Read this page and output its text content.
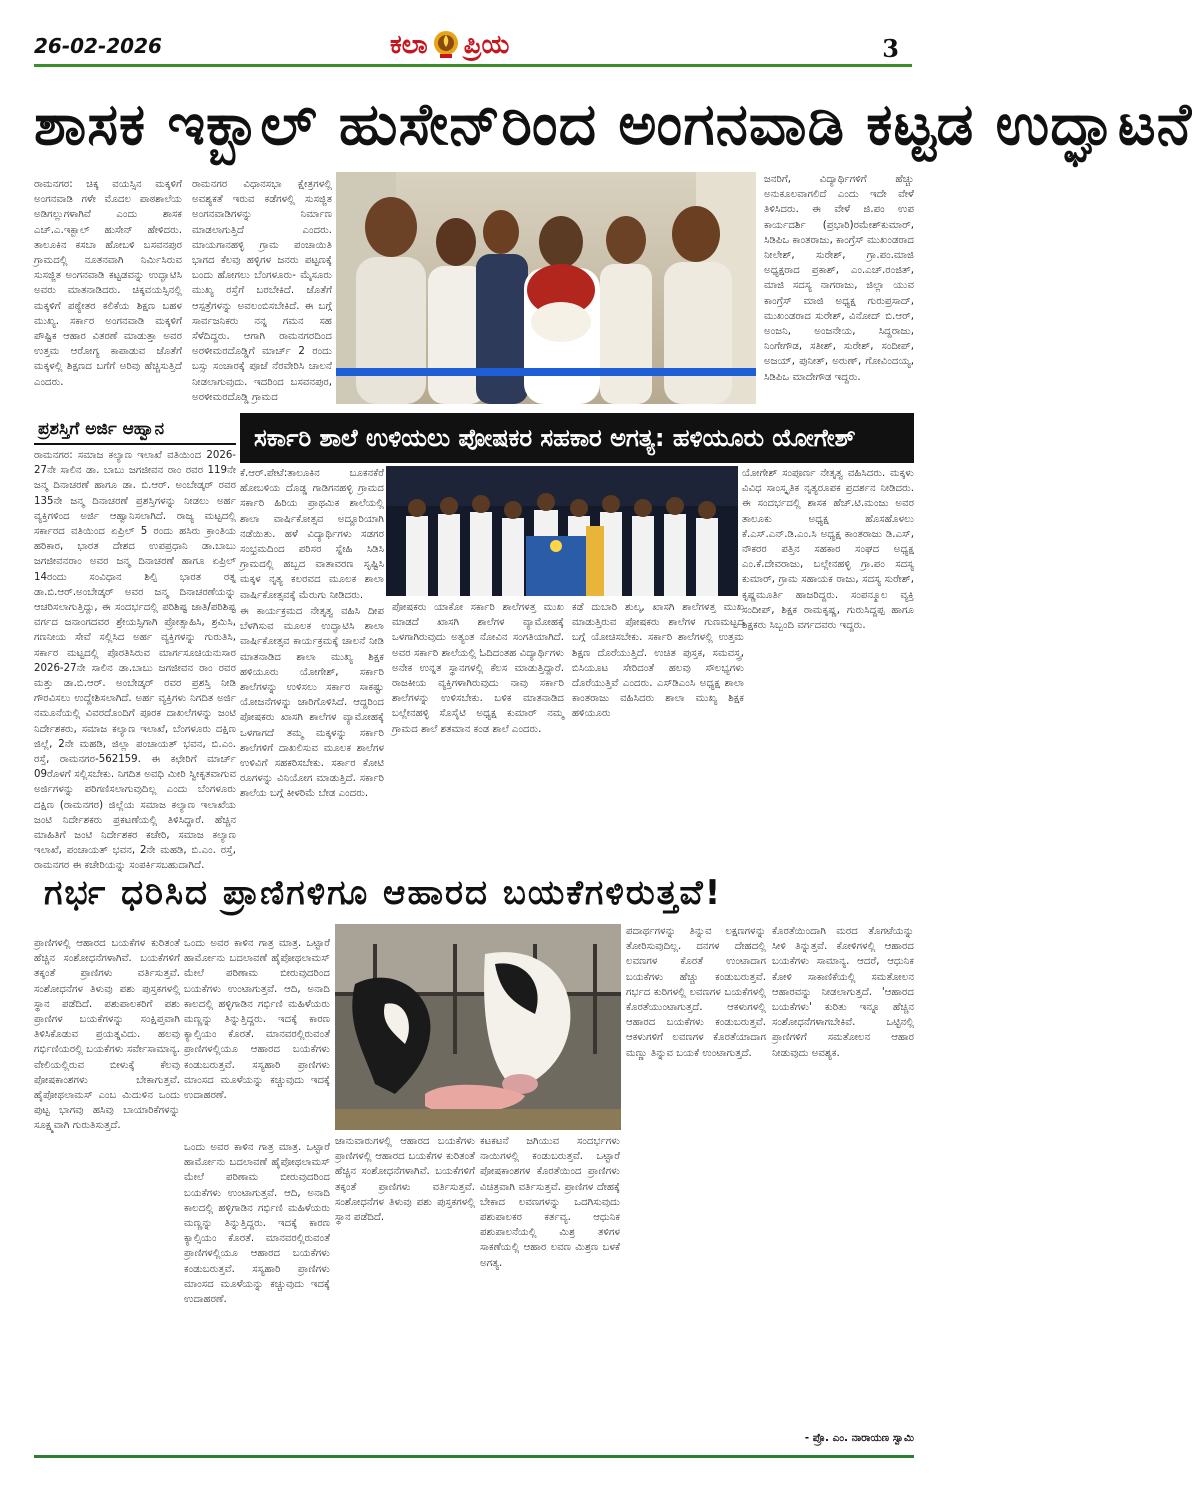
26-02-2026	ಕಲಾ ಪ್ರಿಯ	3
ಶಾಸಕ ಇಕ್ಬಾಲ್ ಹುಸೇನ್‌ರಿಂದ ಅಂಗನವಾಡಿ ಕಟ್ಟಡ ಉದ್ಘಾಟನೆ
ರಾಮನಗರ: ಚಿಕ್ಕ ವಯಸ್ಸಿನ ಮಕ್ಕಳಿಗೆ ಅಂಗನವಾಡಿ ಗಳೇ ಮೊದಲ ಪಾಠಶಾಲೆಯ ಅಡಿಗಲ್ಲುಗಳಾಗಿವೆ ಎಂದು ಶಾಸಕ ಎಚ್.ಎ.ಇಕ್ಬಾಲ್ ಹುಸೇನ್ ಹೇಳಿದರು. ತಾಲೂಕಿನ ಕಸಬಾ ಹೋಬಳಿ ಬಸವನಪುರ ಗ್ರಾಮದಲ್ಲಿ ನೂತನವಾಗಿ ನಿರ್ಮಿಸಿರುವ ಸುಸಜ್ಜಿತ ಅಂಗನವಾಡಿ ಕಟ್ಟಡವನ್ನು ಉದ್ಘಾಟಿಸಿ ಅವರು ಮಾತನಾಡಿದರು. ಚಿಕ್ಕವಯಸ್ಸಿನಲ್ಲಿ ಮಕ್ಕಳಿಗೆ ಪಠ್ಯೇತರ ಕಲಿಕೆಯ ಶಿಕ್ಷಣ ಬಹಳ ಮುಖ್ಯ. ಸರ್ಕಾರ ಅಂಗನವಾಡಿ ಮಕ್ಕಳಿಗೆ ಪೌಷ್ಟಿಕ ಆಹಾರ ವಿತರಣೆ ಮಾಡುತ್ತಾ ಅವರ ಉತ್ತಮ ಆರೋಗ್ಯ ಕಾಪಾಡುವ ಜೊತೆಗೆ ಮಕ್ಕಳಲ್ಲಿ ಶಿಕ್ಷಣದ ಬಗೆಗೆ ಅರಿವು ಹೆಚ್ಚಿಸುತ್ತಿದೆ ಎಂದರು.
ರಾಮನಗರ ವಿಧಾನಸಭಾ ಕ್ಷೇತ್ರಗಳಲ್ಲಿ ಅವಶ್ಯಕತೆ ಇರುವ ಕಡೆಗಳಲ್ಲಿ ಸುಸಜ್ಜಿತ ಅಂಗನವಾಡಿಗಳನ್ನು ನಿರ್ಮಾಣ ಮಾಡಲಾಗುತ್ತಿದೆ ಎಂದರು. ಮಾಯಗಾನಹಳ್ಳಿ ಗ್ರಾಮ ಪಂಚಾಯಿತಿ ಭಾಗದ ಕೆಲವು ಹಳ್ಳಿಗಳ ಜನರು ಪಟ್ಟಣಕ್ಕೆ ಬಂದು ಹೋಗಲು ಬೆಂಗಳೂರು- ಮೈಸೂರು ಮುಖ್ಯ ರಸ್ತೆಗೆ ಬರಬೇಕಿದೆ. ಜೊತೆಗೆ ಆಸ್ಪತ್ರೆಗಳನ್ನು ಅವಲಂಬಿಸಬೇಕಿದೆ. ಈ ಬಗ್ಗೆ ಸಾರ್ವಜನಿಕರು ನನ್ನ ಗಮನ ಸಹ ಸೆಳೆದಿದ್ದರು. ಆಗಾಗಿ ರಾಮನಗರದಿಂದ ಅರಳೀಮರದೊಡ್ಡಿಗೆ ಮಾರ್ಚ್ 2 ರಂದು ಬಸ್ಸು ಸಂಚಾರಕ್ಕೆ ಪೂಜೆ ನೆರವೇರಿಸಿ ಚಾಲನೆ ನೀಡಲಾಗುವುದು. ಇದರಿಂದ ಬಸವನಪುರ, ಅರಳೀಮರದೊಡ್ಡಿ ಗ್ರಾಮದ
ಜನರಿಗೆ, ವಿದ್ಯಾರ್ಥಿಗಳಿಗೆ ಹೆಚ್ಚು ಅನುಕೂಲವಾಗಲಿದೆ ಎಂದು ಇದೇ ವೇಳೆ ತಿಳಿಸಿದರು. ಈ ವೇಳೆ ಜಿ.ಪಂ ಉಪ ಕಾರ್ಯದರ್ಶಿ (ಪ್ರಭಾರಿ)ರಮೇಶ್‌ಕುಮಾರ್, ಸಿಡಿಪಿಒ ಕಾಂತರಾಜು, ಕಾಂಗ್ರೆಸ್ ಮುಖಂಡರಾದ ನೀಲೇಶ್, ಸುರೇಶ್, ಗ್ರಾ.ಪಂ.ಮಾಜಿ ಅಧ್ಯಕ್ಷರಾದ ಪ್ರಕಾಶ್, ಎಂ.ಎಚ್.ರಂಜಿತ್, ಮಾಜಿ ಸದಸ್ಯ ನಾಗರಾಜು, ಜಿಲ್ಲಾ ಯುವ ಕಾಂಗ್ರೆಸ್ ಮಾಜಿ ಅಧ್ಯಕ್ಷ ಗುರುಪ್ರಸಾದ್, ಮುಖಂಡರಾದ ಸುರೇಶ್, ವಿನೋದ್ ಬಿ.ಆರ್, ಅಂಜನಿ, ಅಂಜನೇಯ, ಸಿದ್ದರಾಜು, ನಿಂಗೇಗೌಡ, ಸತೀಶ್, ಸುರೇಶ್, ಸಂದೀಪ್, ಅಜಯ್, ಪುನೀತ್, ಅರುಣ್, ಗೋವಿಂದಯ್ಯ, ಸಿಡಿಪಿಒ ಮಾದೇಗೌಡ ಇದ್ದರು.
ಪ್ರಶಸ್ತಿಗೆ ಅರ್ಜಿ ಆಹ್ವಾನ
ರಾಮನಗರ: ಸಮಾಜ ಕಲ್ಯಾಣ ಇಲಾಖೆ ವತಿಯಿಂದ 2026-27ನೇ ಸಾಲಿನ ಡಾ. ಬಾಬು ಜಗಜೀವನ ರಾಂ ರವರ 119ನೇ ಜನ್ಮ ದಿನಾಚರಣೆ ಹಾಗೂ ಡಾ. ಬಿ.ಆರ್. ಅಂಬೇಡ್ಕರ್ ರವರ 135ನೇ ಜನ್ಮ ದಿನಾಚರಣೆ ಪ್ರಶಸ್ತಿಗಳನ್ನು ನೀಡಲು ಅರ್ಹ ವ್ಯಕ್ತಿಗಳಿಂದ ಅರ್ಜಿ ಆಹ್ವಾನಿಸಲಾಗಿದೆ. ರಾಜ್ಯ ಮಟ್ಟದಲ್ಲಿ ಸರ್ಕಾರದ ವತಿಯಿಂದ ಏಪ್ರಿಲ್ 5 ರಂದು ಹಸಿರು ಕ್ರಾಂತಿಯ ಹರಿಕಾರ, ಭಾರತ ದೇಶದ ಉಪಪ್ರಧಾನಿ ಡಾ.ಬಾಬು ಜಗಜೀವನರಾಂ ಅವರ ಜನ್ಮ ದಿನಾಚರಣೆ ಹಾಗೂ ಏಪ್ರಿಲ್ 14ರಂದು ಸಂವಿಧಾನ ಶಿಲ್ಪಿ ಭಾರತ ರತ್ನ ಡಾ.ಬಿ.ಆರ್.ಅಂಬೇಡ್ಕರ್ ಅವರ ಜನ್ಮ ದಿನಾಚರಣೆಯನ್ನು ಆಚರಿಸಲಾಗುತ್ತಿದ್ದು, ಈ ಸಂದರ್ಭದಲ್ಲಿ ಪರಿಶಿಷ್ಟ ಜಾತಿ/ಪರಿಶಿಷ್ಟ ವರ್ಗದ ಜನಾಂಗದವರ ಶ್ರೇಯಸ್ಸಿಗಾಗಿ ಪ್ರೋತ್ಸಾಹಿಸಿ, ಶ್ರಮಿಸಿ, ಗಣನೀಯ ಸೇವೆ ಸಲ್ಲಿಸಿದ ಅರ್ಹ ವ್ಯಕ್ತಿಗಳನ್ನು ಗುರುತಿಸಿ, ಸರ್ಕಾರ ಮಟ್ಟದಲ್ಲಿ ಪೊರತಿಸಿರುವ ಮಾರ್ಗಸೂಚಿಯನುಸಾರ 2026-27ನೇ ಸಾಲಿನ ಡಾ.ಬಾಬು ಜಗಜೀವನ ರಾಂ ರವರ ಮತ್ತು ಡಾ.ಬಿ.ಆರ್. ಅಂಬೇಡ್ಕರ್ ರವರ ಪ್ರಶಸ್ತಿ ನೀಡಿ ಗೌರವಿಸಲು ಉದ್ದೇಶಿಸಲಾಗಿದೆ. ಅರ್ಹ ವ್ಯಕ್ತಿಗಳು ನಿಗದಿತ ಅರ್ಜಿ ನಮೂನೆಯಲ್ಲಿ ವಿವರದೊಂದಿಗೆ ಪೂರಕ ದಾಖಲೆಗಳನ್ನು ಜಂಟಿ ನಿರ್ದೇಶಕರು, ಸಮಾಜ ಕಲ್ಯಾಣ ಇಲಾಖೆ, ಬೆಂಗಳೂರು ದಕ್ಷಿಣ ಜಿಲ್ಲೆ, 2ನೇ ಮಹಡಿ, ಜಿಲ್ಲಾ ಪಂಚಾಯತ್ ಭವನ, ಬಿ.ಎಂ. ರಸ್ತೆ, ರಾಮನಗರ-562159. ಈ ಕಛೇರಿಗೆ ಮಾರ್ಚ್ 09ರೊಳಗೆ ಸಲ್ಲಿಸಬೇಕು. ನಿಗದಿತ ಅವಧಿ ಮೀರಿ ಸ್ವೀಕೃತವಾಗುವ ಅರ್ಜಿಗಳನ್ನು ಪರಿಗಣಿಸಲಾಗುವುದಿಲ್ಲ ಎಂದು ಬೆಂಗಳೂರು ದಕ್ಷಿಣ (ರಾಮನಗರ) ಜಿಲ್ಲೆಯ ಸಮಾಜ ಕಲ್ಯಾಣ ಇಲಾಖೆಯ ಜಂಟಿ ನಿರ್ದೇಶಕರು ಪ್ರಕಟಣೆಯಲ್ಲಿ ತಿಳಿಸಿದ್ದಾರೆ. ಹೆಚ್ಚಿನ ಮಾಹಿತಿಗೆ ಜಂಟಿ ನಿರ್ದೇಶಕರ ಕಚೇರಿ, ಸಮಾಜ ಕಲ್ಯಾಣ ಇಲಾಖೆ, ಪಂಚಾಯತ್ ಭವನ, 2ನೇ ಮಹಡಿ, ಬಿ.ಎಂ. ರಸ್ತೆ, ರಾಮನಗರ ಈ ಕಚೇರಿಯನ್ನು ಸಂಪರ್ಕಿಸಬಹುದಾಗಿದೆ.
ಸರ್ಕಾರಿ ಶಾಲೆ ಉಳಿಯಲು ಪೋಷಕರ ಸಹಕಾರ ಅಗತ್ಯ: ಹಳಿಯೂರು ಯೋಗೇಶ್
ಕೆ.ಆರ್.ಪೇಟೆ:ತಾಲೂಕಿನ ಬೂಕನಕೆರೆ ಹೋಬಳಿಯ ದೊಡ್ಡ ಗಾಡಿಗನಹಳ್ಳಿ ಗ್ರಾಮದ ಸರ್ಕಾರಿ ಹಿರಿಯ ಪ್ರಾಥಮಿಕ ಶಾಲೆಯಲ್ಲಿ ಶಾಲಾ ವಾರ್ಷಿಕೋತ್ಸವ ಅದ್ದೂರಿಯಾಗಿ ನಡೆಯಿತು. ಹಳೆ ವಿದ್ಯಾರ್ಥಿಗಳು ಸಡಗರ ಸಂಭ್ರಮದಿಂದ ಪರಿಸರ ಸ್ನೇಹಿ ಸಿಡಿಸಿ ಗ್ರಾಮದಲ್ಲಿ ಹಬ್ಬದ ವಾತಾವರಣ ಸೃಷ್ಟಿಸಿ ಮಕ್ಕಳ ನೃತ್ಯ ಕಲರವದ ಮೂಲಕ ಶಾಲಾ ವಾರ್ಷಿಕೋತ್ಸವಕ್ಕೆ ಮೆರುಗು ನೀಡಿದರು.
ಯೋಗೇಶ್ ಸಂಪೂರ್ಣ ನೇತೃತ್ವ ವಹಿಸಿದರು. ಮಕ್ಕಳು ವಿವಿಧ ಸಾಂಸ್ಕೃತಿಕ ನೃತ್ಯರೂಪಕ ಪ್ರದರ್ಶನ ನೀಡಿದರು. ಈ ಸಂದರ್ಭದಲ್ಲಿ ಶಾಸಕ ಹೆಚ್.ಟಿ.ಮಂಜು ಅವರ ತಾಲೂಕು ಅಧ್ಯಕ್ಷ ಹೊಸಹೊಳಲು ಕೆ.ಎಸ್.ಎನ್.ಡಿ.ಎಂ.ಸಿ ಅಧ್ಯಕ್ಷ ಕಾಂತರಾಜು ಡಿ.ಎಸ್, ನೌಕರರ ಪತ್ತಿನ ಸಹಕಾರ ಸಂಘದ ಅಧ್ಯಕ್ಷ ಎಂ.ಕೆ.ದೇವರಾಜು, ಬಲ್ಲೇನಹಳ್ಳಿ ಗ್ರಾ.ಪಂ ಸದಸ್ಯ ಕುಮಾರ್, ಗ್ರಾಮ ಸಹಾಯಕ ರಾಜು, ಸದಸ್ಯ ಸುರೇಶ್, ಕೃಷ್ಣಮೂರ್ತಿ ಹಾಜರಿದ್ದರು. ಸಂಪನ್ಮೂಲ ವ್ಯಕ್ತಿ ಸಂದೀಪ್, ಶಿಕ್ಷಕ ರಾಮಕೃಷ್ಣ, ಗುರುಸಿದ್ದಪ್ಪ ಹಾಗೂ ಶಿಕ್ಷಕರು ಸಿಬ್ಬಂದಿ ವರ್ಗದವರು ಇದ್ದರು.
ಈ ಕಾರ್ಯಕ್ರಮದ ನೇತೃತ್ವ ವಹಿಸಿ ದೀಪ ಬೆಳಗಿಸುವ ಮೂಲಕ ಉದ್ಘಾಟಿಸಿ ಶಾಲಾ ವಾರ್ಷಿಕೋತ್ಸವ ಕಾರ್ಯಕ್ರಮಕ್ಕೆ ಚಾಲನೆ ನೀಡಿ ಮಾತನಾಡಿದ ಶಾಲಾ ಮುಖ್ಯ ಶಿಕ್ಷಕ ಹಳಿಯೂರು ಯೋಗೇಶ್, ಸರ್ಕಾರಿ ಶಾಲೆಗಳನ್ನು ಉಳಿಸಲು ಸರ್ಕಾರ ಸಾಕಷ್ಟು ಯೋಜನೆಗಳನ್ನು ಜಾರಿಗೊಳಿಸಿದೆ. ಆದ್ದರಿಂದ ಪೋಷಕರು ಖಾಸಗಿ ಶಾಲೆಗಳ ವ್ಯಾಮೋಹಕ್ಕೆ ಒಳಗಾಗದೆ ತಮ್ಮ ಮಕ್ಕಳನ್ನು ಸರ್ಕಾರಿ ಶಾಲೆಗಳಿಗೆ ದಾಖಲಿಸುವ ಮೂಲಕ ಶಾಲೆಗಳ ಉಳಿವಿಗೆ ಸಹಕರಿಸಬೇಕು. ಸರ್ಕಾರ ಕೋಟಿ ರೂಗಳನ್ನು ವಿನಿಯೋಗ ಮಾಡುತ್ತಿದೆ. ಸರ್ಕಾರಿ ಶಾಲೆಯ ಬಗ್ಗೆ ಕೀಳರಿಮೆ ಬೇಡ ಎಂದರು.
ಪೋಷಕರು ಯಾಕೋ ಸರ್ಕಾರಿ ಶಾಲೆಗಳತ್ತ ಮುಖ ಮಾಡದೆ ಖಾಸಗಿ ಶಾಲೆಗಳ ವ್ಯಾಮೋಹಕ್ಕೆ ಒಳಗಾಗಿರುವುದು ಅತ್ಯಂತ ನೋವಿನ ಸಂಗತಿಯಾಗಿದೆ. ಅವರ ಸರ್ಕಾರಿ ಶಾಲೆಯಲ್ಲಿ ಓದಿದಂತಹ ವಿದ್ಯಾರ್ಥಿಗಳು ಅನೇಕ ಉನ್ನತ ಸ್ಥಾನಗಳಲ್ಲಿ ಕೆಲಸ ಮಾಡುತ್ತಿದ್ದಾರೆ. ರಾಜಕೀಯ ವ್ಯಕ್ತಿಗಳಾಗಿರುವುದು ನಾವು ಸರ್ಕಾರಿ ಶಾಲೆಗಳನ್ನು ಉಳಿಸಬೇಕು. ಬಳಿಕ ಮಾತನಾಡಿದ ಬಲ್ಲೇನಹಳ್ಳಿ ಸೊಸೈಟಿ ಅಧ್ಯಕ್ಷ ಕುಮಾರ್ ನಮ್ಮ ಗ್ರಾಮದ ಶಾಲೆ ಶತಮಾನ ಕಂಡ ಶಾಲೆ ಎಂದರು.
ಕಡೆ ದುಬಾರಿ ಶುಲ್ಕ, ಖಾಸಗಿ ಶಾಲೆಗಳತ್ತ ಮುಖ ಮಾಡುತ್ತಿರುವ ಪೋಷಕರು ಶಾಲೆಗಳ ಗುಣಮಟ್ಟದ ಬಗ್ಗೆ ಯೋಚಿಸಬೇಕು. ಸರ್ಕಾರಿ ಶಾಲೆಗಳಲ್ಲಿ ಉತ್ತಮ ಶಿಕ್ಷಣ ದೊರೆಯುತ್ತಿದೆ. ಉಚಿತ ಪುಸ್ತಕ, ಸಮವಸ್ತ್ರ, ಬಿಸಿಯೂಟ ಸೇರಿದಂತೆ ಹಲವು ಸೌಲಭ್ಯಗಳು ದೊರೆಯುತ್ತಿವೆ ಎಂದರು. ಎಸ್‌ಡಿಎಂಸಿ ಅಧ್ಯಕ್ಷ ಶಾಲಾ ಕಾಂತರಾಜು ವಹಿಸಿದರು ಶಾಲಾ ಮುಖ್ಯ ಶಿಕ್ಷಕ ಹಳಿಯೂರು
ಗರ್ಭ ಧರಿಸಿದ ಪ್ರಾಣಿಗಳಿಗೂ ಆಹಾರದ ಬಯಕೆಗಳಿರುತ್ತವೆ!
ಪ್ರಾಣಿಗಳಲ್ಲಿ ಆಹಾರದ ಬಯಕೆಗಳ ಕುರಿತಂತೆ ಹೆಚ್ಚಿನ ಸಂಶೋಧನೆಗಳಾಗಿವೆ. ಬಯಕೆಗಳಿಗೆ ತಕ್ಕಂತೆ ಪ್ರಾಣಿಗಳು ವರ್ತಿಸುತ್ತವೆ. ಸಂಶೋಧನೆಗಳ ತಿಳುವು ಪಶು ಪುಸ್ತಕಗಳಲ್ಲಿ ಸ್ಥಾನ ಪಡೆದಿದೆ. ಪಶುಪಾಲಕರಿಗೆ ಪಶು ಪ್ರಾಣಿಗಳ ಬಯಕೆಗಳನ್ನು ಸಂಕ್ಷಿಪ್ತವಾಗಿ ತಿಳಿಸಿಕೊಡುವ ಪ್ರಯತ್ನವಿದು. ಹಲವು ಗರ್ಭಿಣಿಯರಲ್ಲಿ ಬಯಕೆಗಳು ಸರ್ವೇಸಾಮಾನ್ಯ. ವೇಲಿಯಲ್ಲಿರುವ ಬೀಳುಕ್ಕೆ ಕೆಲವು ಪೋಷಕಾಂಶಗಳು ಬೇಕಾಗುತ್ತವೆ. ಹೈಪೋಥಲಾಮಸ್ ಎಂಬ ಮಿದುಳಿನ ಒಂದು ಪುಟ್ಟ ಭಾಗವು ಹಸಿವು ಬಾಯಾರಿಕೆಗಳನ್ನು ಸೂಕ್ಷ್ಮವಾಗಿ ಗುರುತಿಸುತ್ತದೆ.
ಒಂದು ಅವರ ಕಾಳಿನ ಗಾತ್ರ ಮಾತ್ರ. ಒಟ್ಟಾರೆ ಹಾರ್ಮೋನು ಬದಲಾವಣೆ ಹೈಪೋಥಲಾಮಸ್ ಮೇಲೆ ಪರಿಣಾಮ ಬೀರುವುದರಿಂದ ಬಯಕೆಗಳು ಉಂಟಾಗುತ್ತವೆ. ಆದಿ, ಅನಾದಿ ಕಾಲದಲ್ಲಿ ಹಳ್ಳಿಗಾಡಿನ ಗರ್ಭಿಣಿ ಮಹಿಳೆಯರು ಮಣ್ಣನ್ನು ತಿನ್ನುತ್ತಿದ್ದರು. ಇದಕ್ಕೆ ಕಾರಣ ಕ್ಯಾಲ್ಸಿಯಂ ಕೊರತೆ. ಮಾನವರಲ್ಲಿರುವಂತೆ ಪ್ರಾಣಿಗಳಲ್ಲಿಯೂ ಆಹಾರದ ಬಯಕೆಗಳು ಕಂಡುಬರುತ್ತವೆ. ಸಸ್ಯಹಾರಿ ಪ್ರಾಣಿಗಳು ಮಾಂಸದ ಮೂಳೆಯನ್ನು ಕಚ್ಚುವುದು ಇದಕ್ಕೆ ಉದಾಹರಣೆ.
ಜಾನುವಾರುಗಳಲ್ಲಿ ಆಹಾರದ ಬಯಕೆಗಳು ಪ್ರಾಣಿಗಳಲ್ಲಿ ಆಹಾರದ ಬಯಕೆಗಳ ಕುರಿತಂತೆ ಹೆಚ್ಚಿನ ಸಂಶೋಧನೆಗಳಾಗಿವೆ. ಬಯಕೆಗಳಿಗೆ ತಕ್ಕಂತೆ ಪ್ರಾಣಿಗಳು ವರ್ತಿಸುತ್ತವೆ. ಸಂಶೋಧನೆಗಳ ತಿಳುವು ಪಶು ಪುಸ್ತಕಗಳಲ್ಲಿ ಸ್ಥಾನ ಪಡೆದಿದೆ.
ಒಂದು ಅವರ ಕಾಳಿನ ಗಾತ್ರ ಮಾತ್ರ. ಒಟ್ಟಾರೆ ಹಾರ್ಮೋನು ಬದಲಾವಣೆ ಹೈಪೋಥಲಾಮಸ್ ಮೇಲೆ ಪರಿಣಾಮ ಬೀರುವುದರಿಂದ ಬಯಕೆಗಳು ಉಂಟಾಗುತ್ತವೆ. ಆದಿ, ಅನಾದಿ ಕಾಲದಲ್ಲಿ ಹಳ್ಳಿಗಾಡಿನ ಗರ್ಭಿಣಿ ಮಹಿಳೆಯರು ಮಣ್ಣನ್ನು ತಿನ್ನುತ್ತಿದ್ದರು. ಇದಕ್ಕೆ ಕಾರಣ ಕ್ಯಾಲ್ಸಿಯಂ ಕೊರತೆ. ಮಾನವರಲ್ಲಿರುವಂತೆ ಪ್ರಾಣಿಗಳಲ್ಲಿಯೂ ಆಹಾರದ ಬಯಕೆಗಳು ಕಂಡುಬರುತ್ತವೆ. ಸಸ್ಯಹಾರಿ ಪ್ರಾಣಿಗಳು ಮಾಂಸದ ಮೂಳೆಯನ್ನು ಕಚ್ಚುವುದು ಇದಕ್ಕೆ ಉದಾಹರಣೆ.
ಕಟಕಟನೆ ಜಗಿಯುವ ಸಂದರ್ಭಗಳು ನಾಯಿಗಳಲ್ಲಿ ಕಂಡುಬರುತ್ತವೆ. ಒಟ್ಟಾರೆ ಪೋಷಕಾಂಶಗಳ ಕೊರತೆಯಿಂದ ಪ್ರಾಣಿಗಳು ವಿಚಿತ್ರವಾಗಿ ವರ್ತಿಸುತ್ತವೆ. ಪ್ರಾಣಿಗಳ ದೇಹಕ್ಕೆ ಬೇಕಾದ ಲವಣಗಳನ್ನು ಒದಗಿಸುವುದು ಪಶುಪಾಲಕರ ಕರ್ತವ್ಯ. ಆಧುನಿಕ ಪಶುಪಾಲನೆಯಲ್ಲಿ ಮಿಶ್ರ ತಳಿಗಳ ಸಾಕಣೆಯಲ್ಲಿ ಆಹಾರ ಲವಣ ಮಿಶ್ರಣ ಬಳಕೆ ಅಗತ್ಯ.
ಪದಾರ್ಥಗಳನ್ನು ತಿನ್ನುವ ಲಕ್ಷಣಗಳನ್ನು ತೋರಿಸುವುದಿಲ್ಲ. ದನಗಳ ದೇಹದಲ್ಲಿ ಲವಣಗಳ ಕೊರತೆ ಉಂಟಾದಾಗ ಬಯಕೆಗಳು ಹೆಚ್ಚು ಕಂಡುಬರುತ್ತವೆ. ಗರ್ಭದ ಕುರಿಗಳಲ್ಲಿ ಲವಣಗಳ ಬಯಕೆಗಳಲ್ಲಿ ಕೊರತೆಯುಂಟಾಗುತ್ತದೆ. ಆಕಳುಗಳಲ್ಲಿ ಆಹಾರದ ಬಯಕೆಗಳು ಕಂಡುಬರುತ್ತವೆ. ಆಕಳುಗಳಿಗೆ ಲವಣಗಳ ಕೊರತೆಯಾದಾಗ ಮಣ್ಣು ತಿನ್ನುವ ಬಯಕೆ ಉಂಟಾಗುತ್ತದೆ.
ಕೊರತೆಯಿಂದಾಗಿ ಮರದ ತೊಗಟೆಯನ್ನು ಸೀಳಿ ತಿನ್ನುತ್ತವೆ. ಕೋಳಿಗಳಲ್ಲಿ ಆಹಾರದ ಬಯಕೆಗಳು ಸಾಮಾನ್ಯ. ಆದರೆ, ಆಧುನಿಕ ಕೋಳಿ ಸಾಕಾಣಿಕೆಯಲ್ಲಿ ಸಮತೋಲನ ಆಹಾರವನ್ನು ನೀಡಲಾಗುತ್ತದೆ. 'ಆಹಾರದ ಬಯಕೆಗಳು' ಕುರಿತು ಇನ್ನೂ ಹೆಚ್ಚಿನ ಸಂಶೋಧನೆಗಳಾಗಬೇಕಿವೆ. ಒಟ್ಟಿನಲ್ಲಿ ಪ್ರಾಣಿಗಳಿಗೆ ಸಮತೋಲನ ಆಹಾರ ನೀಡುವುದು ಅವಶ್ಯಕ.
- ಪ್ರೊ. ಎಂ. ನಾರಾಯಣ ಸ್ವಾಮಿ
